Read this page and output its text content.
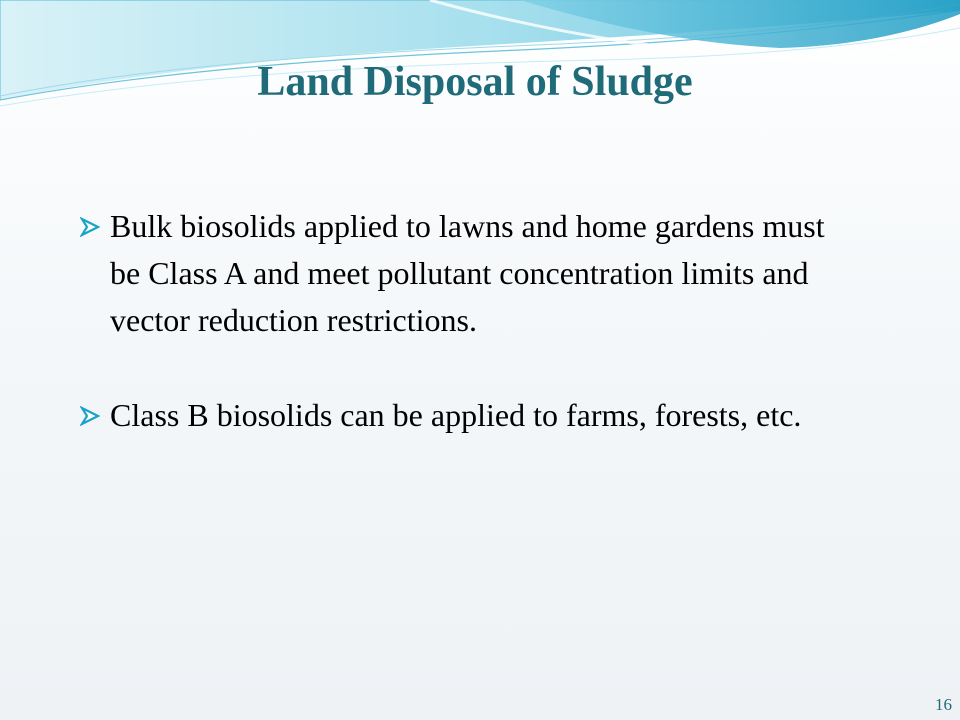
Land Disposal of Sludge

Bulk biosolids applied to lawns and home gardens must be Class A and meet pollutant concentration limits and vector reduction restrictions.

Class B biosolids can be applied to farms, forests, etc.

16
